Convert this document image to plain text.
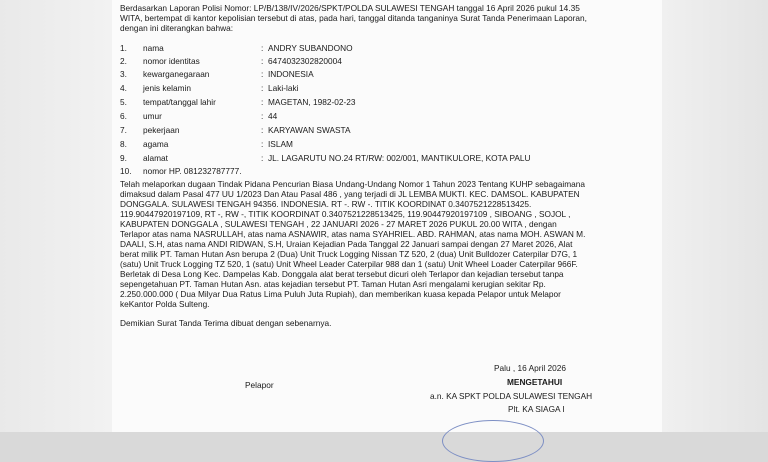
Berdasarkan Laporan Polisi Nomor: LP/B/138/IV/2026/SPKT/POLDA SULAWESI TENGAH tanggal 16 April 2026 pukul 14.35
WITA, bertempat di kantor kepolisian tersebut di atas, pada hari, tanggal ditanda tanganinya Surat Tanda Penerimaan Laporan,
dengan ini diterangkan bahwa:
1. nama	: ANDRY SUBANDONO
2. nomor identitas	: 6474032302820004
3. kewarganegaraan	: INDONESIA
4. jenis kelamin	: Laki-laki
5. tempat/tanggal lahir	: MAGETAN, 1982-02-23
6. umur	: 44
7. pekerjaan	: KARYAWAN SWASTA
8. agama	: ISLAM
9. alamat	: JL. LAGARUTU NO.24 RT/RW: 002/001, MANTIKULORE, KOTA PALU
10. nomor HP. 081232787777.
Telah melaporkan dugaan Tindak Pidana Pencurian Biasa Undang-Undang Nomor 1 Tahun 2023 Tentang KUHP sebagaimana
dimaksud dalam Pasal 477 UU 1/2023 Dan Atau Pasal 486 , yang terjadi di JL LEMBA MUKTI. KEC. DAMSOL. KABUPATEN
DONGGALA. SULAWESI TENGAH 94356. INDONESIA. RT -. RW -. TITIK KOORDINAT 0.3407521228513425.
119.90447920197109, RT -, RW -, TITIK KOORDINAT 0.3407521228513425, 119.90447920197109 , SIBOANG , SOJOL ,
KABUPATEN DONGGALA , SULAWESI TENGAH , 22 JANUARI 2026 - 27 MARET 2026 PUKUL 20.00 WITA , dengan
Terlapor atas nama NASRULLAH, atas nama ASNAWIR, atas nama SYAHRIEL. ABD. RAHMAN, atas nama MOH. ASWAN M.
DAALI, S.H, atas nama ANDI RIDWAN, S.H, Uraian Kejadian Pada Tanggal 22 Januari sampai dengan 27 Maret 2026, Alat
berat milik PT. Taman Hutan Asn berupa 2 (Dua) Unit Truck Logging Nissan TZ 520, 2 (dua) Unit Bulldozer Caterpilar D7G, 1
(satu) Unit Truck Logging TZ 520, 1 (satu) Unit Wheel Leader Caterpilar 988 dan 1 (satu) Unit Wheel Loader Caterpilar 966F.
Berletak di Desa Long Kec. Dampelas Kab. Donggala alat berat tersebut dicuri oleh Terlapor dan kejadian tersebut tanpa
sepengetahuan PT. Taman Hutan Asn. atas kejadian tersebut PT. Taman Hutan Asri mengalami kerugian sekitar Rp.
2.250.000.000 ( Dua Milyar Dua Ratus Lima Puluh Juta Rupiah), dan memberikan kuasa kepada Pelapor untuk Melapor
keKantor Polda Sulteng.
Demikian Surat Tanda Terima dibuat dengan sebenarnya.
Palu , 16 April 2026
Pelapor	MENGETAHUI
a.n. KA SPKT POLDA SULAWESI TENGAH
Plt. KA SIAGA I
